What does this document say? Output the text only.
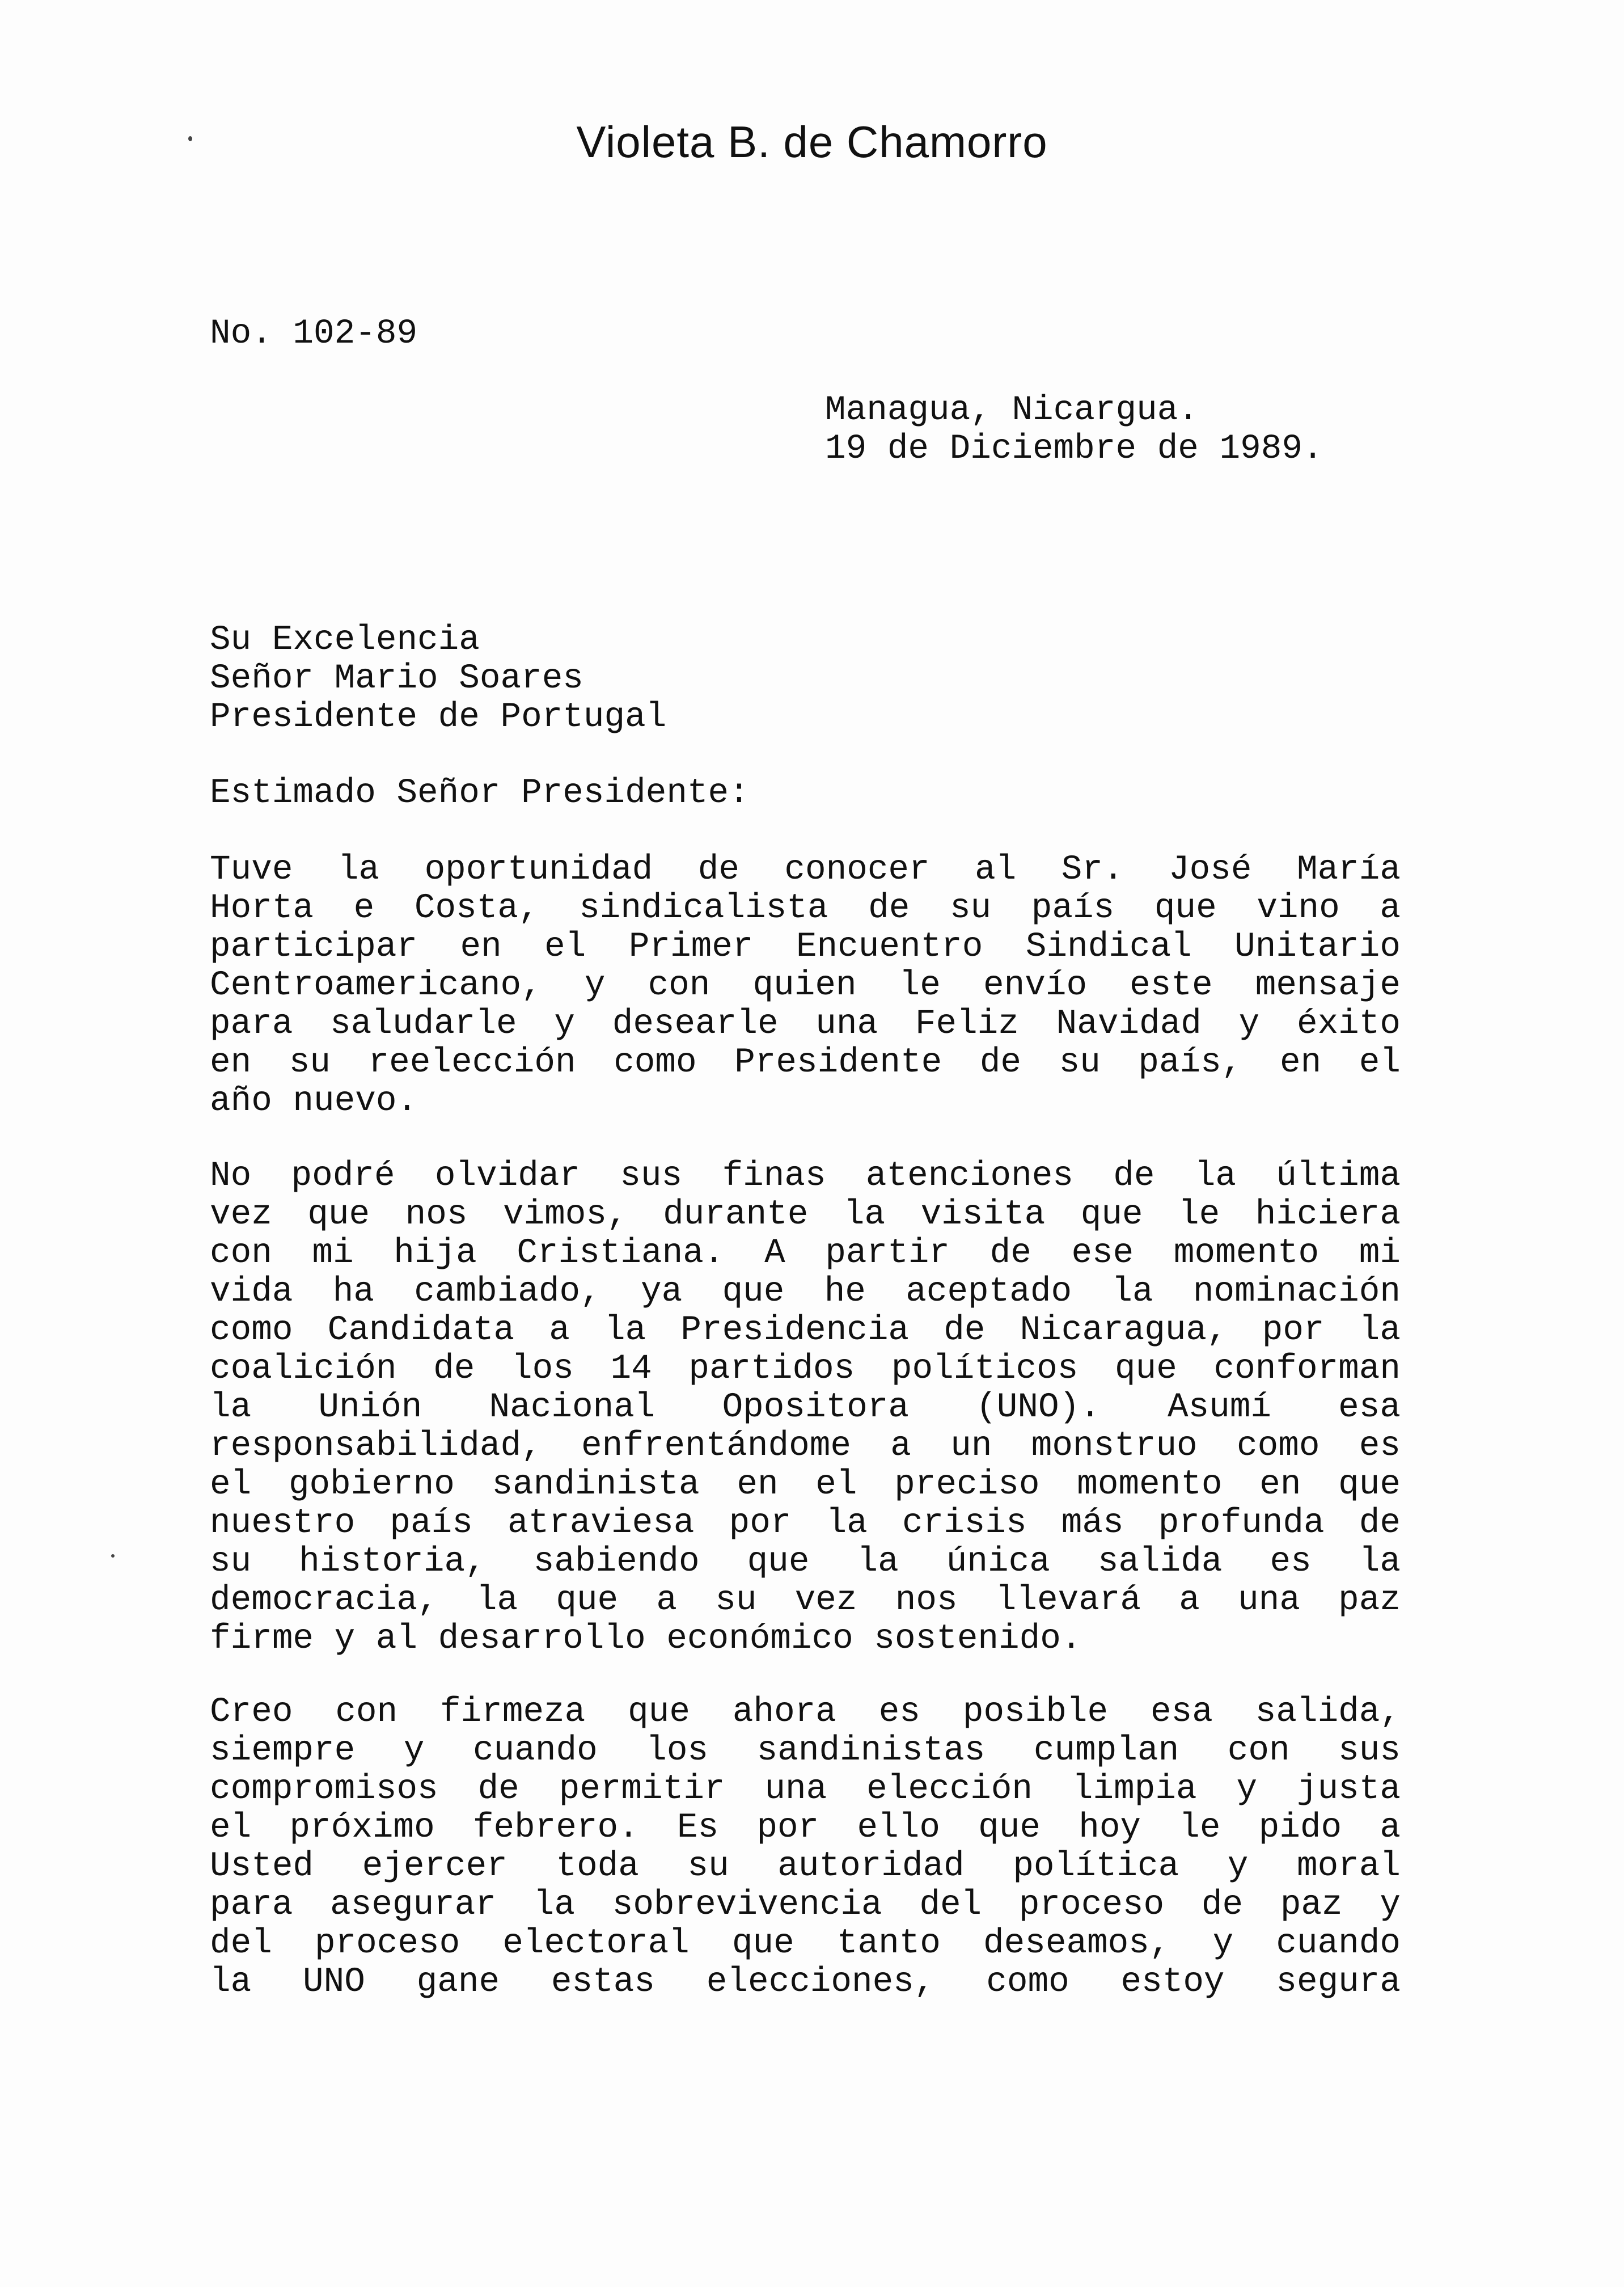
Violeta B. de Chamorro
No. 102-89
Managua, Nicargua.
19 de Diciembre de 1989.
Su Excelencia
Señor Mario Soares
Presidente de Portugal
Estimado Señor Presidente:
Tuve la oportunidad de conocer al Sr. José María
Horta e Costa, sindicalista de su país que vino a
participar en el Primer Encuentro Sindical Unitario
Centroamericano, y con quien le envío este mensaje
para saludarle y desearle una Feliz Navidad y éxito
en su reelección como Presidente de su país, en el
año nuevo.
No podré olvidar sus finas atenciones de la última
vez que nos vimos, durante la visita que le hiciera
con mi hija Cristiana. A partir de ese momento mi
vida ha cambiado, ya que he aceptado la nominación
como Candidata a la Presidencia de Nicaragua, por la
coalición de los 14 partidos políticos que conforman
la Unión Nacional Opositora (UNO). Asumí esa
responsabilidad, enfrentándome a un monstruo como es
el gobierno sandinista en el preciso momento en que
nuestro país atraviesa por la crisis más profunda de
su historia, sabiendo que la única salida es la
democracia, la que a su vez nos llevará a una paz
firme y al desarrollo económico sostenido.
Creo con firmeza que ahora es posible esa salida,
siempre y cuando los sandinistas cumplan con sus
compromisos de permitir una elección limpia y justa
el próximo febrero. Es por ello que hoy le pido a
Usted ejercer toda su autoridad política y moral
para asegurar la sobrevivencia del proceso de paz y
del proceso electoral que tanto deseamos, y cuando
la UNO gane estas elecciones, como estoy segura
